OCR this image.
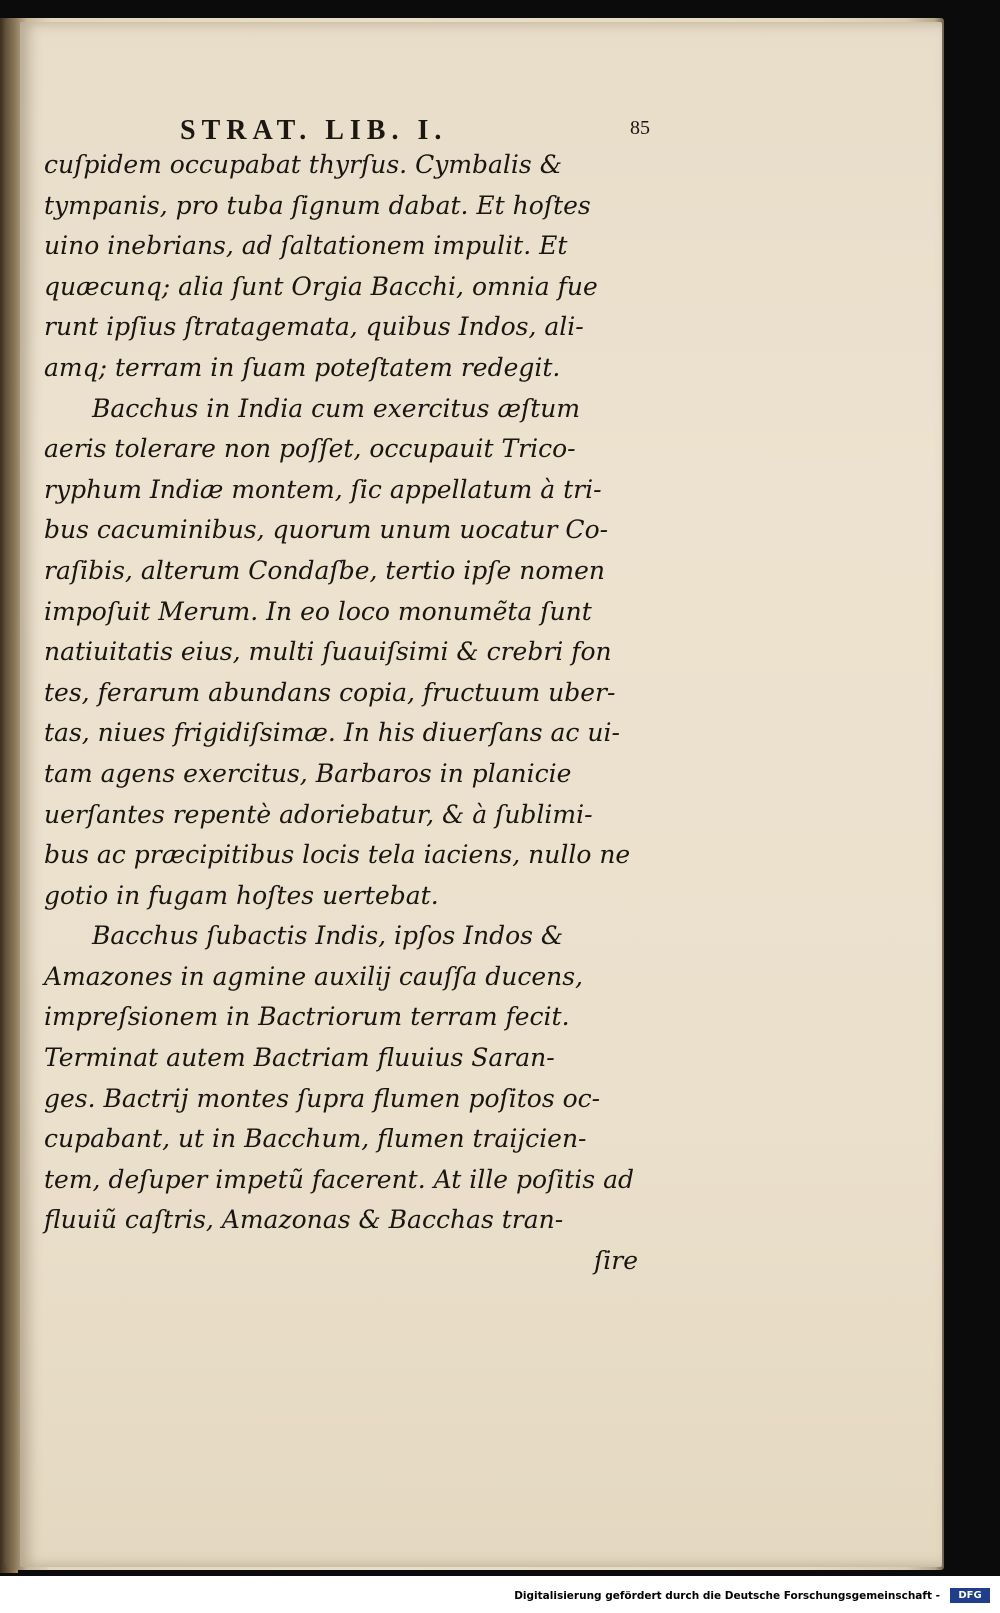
STRAT. LIB. I.	85
cuſpidem occupabat thyrſus. Cymbalis &
tympanis, pro tuba ſignum dabat. Et hoſtes
uino inebrians, ad ſaltationem impulit. Et
quæcunq; alia ſunt Orgia Bacchi, omnia fue
runt ipſius ſtratagemata, quibus Indos, ali-
amq; terram in ſuam poteſtatem redegit.
Bacchus in India cum exercitus æſtum
aeris tolerare non poſſet, occupauit Trico-
ryphum Indiæ montem, ſic appellatum à tri-
bus cacuminibus, quorum unum uocatur Co-
raſibis, alterum Condaſbe, tertio ipſe nomen
impoſuit Merum. In eo loco monumẽta ſunt
natiuitatis eius, multi ſuauiſsimi & crebri fon
tes, ferarum abundans copia, fructuum uber-
tas, niues frigidiſsimæ. In his diuerſans ac ui-
tam agens exercitus, Barbaros in planicie
uerſantes repentè adoriebatur, & à ſublimi-
bus ac præcipitibus locis tela iaciens, nullo ne
gotio in fugam hoſtes uertebat.
Bacchus ſubactis Indis, ipſos Indos &
Amazones in agmine auxilij cauſſa ducens,
impreſsionem in Bactriorum terram fecit.
Terminat autem Bactriam fluuius Saran-
ges. Bactrij montes ſupra flumen poſitos oc-
cupabant, ut in Bacchum, flumen traijcien-
tem, deſuper impetũ facerent. At ille poſitis ad
fluuiũ caſtris, Amazonas & Bacchas tran-
ſire
Digitalisierung gefördert durch die Deutsche Forschungsgemeinschaft -	DFG
